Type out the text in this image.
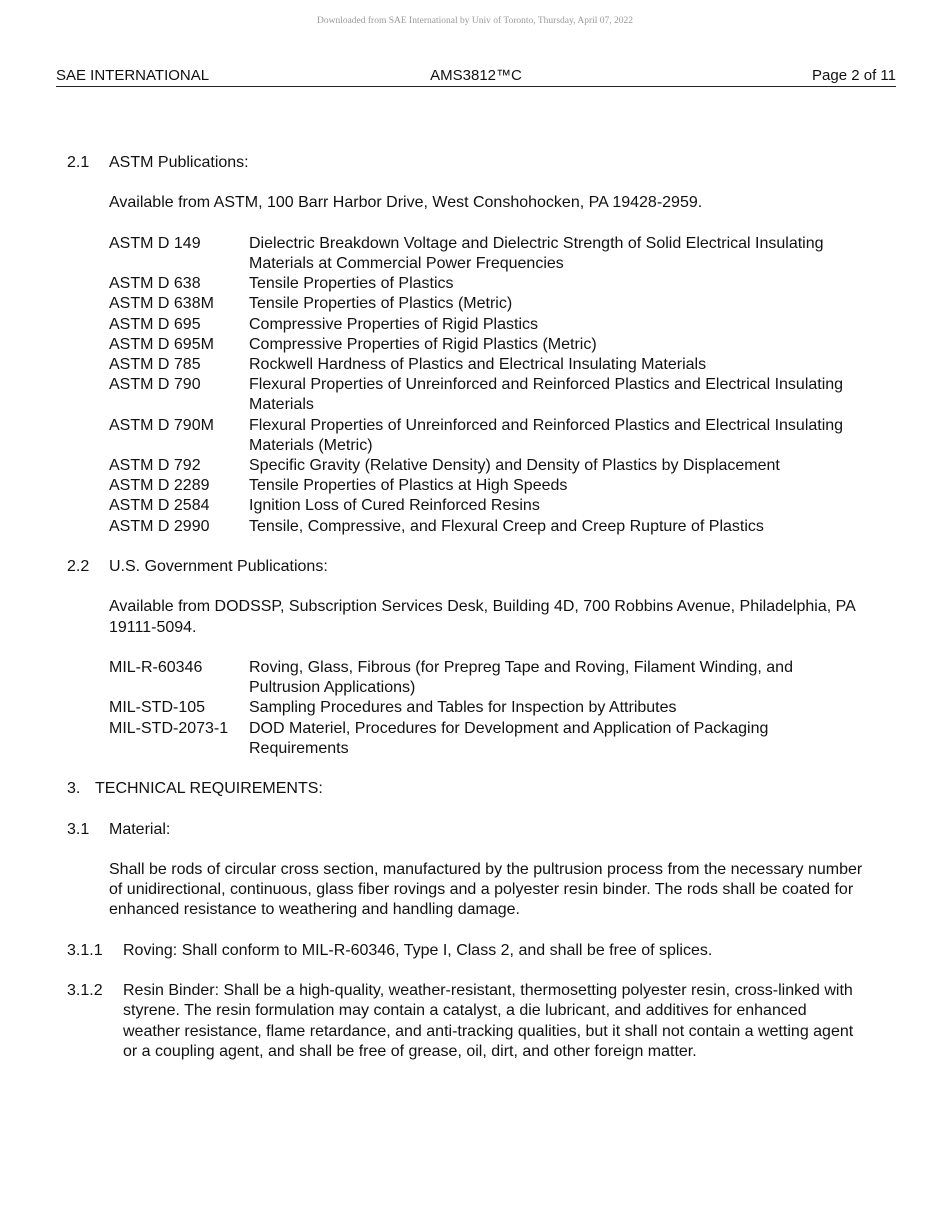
Downloaded from SAE International by Univ of Toronto, Thursday, April 07, 2022
SAE INTERNATIONAL	AMS3812™C	Page 2 of 11
2.1	ASTM Publications:
Available from ASTM, 100 Barr Harbor Drive, West Conshohocken, PA 19428-2959.
ASTM D 149	Dielectric Breakdown Voltage and Dielectric Strength of Solid Electrical Insulating Materials at Commercial Power Frequencies
ASTM D 638	Tensile Properties of Plastics
ASTM D 638M	Tensile Properties of Plastics (Metric)
ASTM D 695	Compressive Properties of Rigid Plastics
ASTM D 695M	Compressive Properties of Rigid Plastics (Metric)
ASTM D 785	Rockwell Hardness of Plastics and Electrical Insulating Materials
ASTM D 790	Flexural Properties of Unreinforced and Reinforced Plastics and Electrical Insulating Materials
ASTM D 790M	Flexural Properties of Unreinforced and Reinforced Plastics and Electrical Insulating Materials (Metric)
ASTM D 792	Specific Gravity (Relative Density) and Density of Plastics by Displacement
ASTM D 2289	Tensile Properties of Plastics at High Speeds
ASTM D 2584	Ignition Loss of Cured Reinforced Resins
ASTM D 2990	Tensile, Compressive, and Flexural Creep and Creep Rupture of Plastics
2.2	U.S. Government Publications:
Available from DODSSP, Subscription Services Desk, Building 4D, 700 Robbins Avenue, Philadelphia, PA 19111-5094.
MIL-R-60346	Roving, Glass, Fibrous (for Prepreg Tape and Roving, Filament Winding, and Pultrusion Applications)
MIL-STD-105	Sampling Procedures and Tables for Inspection by Attributes
MIL-STD-2073-1	DOD Materiel, Procedures for Development and Application of Packaging Requirements
3. TECHNICAL REQUIREMENTS:
3.1	Material:
Shall be rods of circular cross section, manufactured by the pultrusion process from the necessary number of unidirectional, continuous, glass fiber rovings and a polyester resin binder. The rods shall be coated for enhanced resistance to weathering and handling damage.
3.1.1	Roving: Shall conform to MIL-R-60346, Type I, Class 2, and shall be free of splices.
3.1.2	Resin Binder: Shall be a high-quality, weather-resistant, thermosetting polyester resin, cross-linked with styrene. The resin formulation may contain a catalyst, a die lubricant, and additives for enhanced weather resistance, flame retardance, and anti-tracking qualities, but it shall not contain a wetting agent or a coupling agent, and shall be free of grease, oil, dirt, and other foreign matter.
